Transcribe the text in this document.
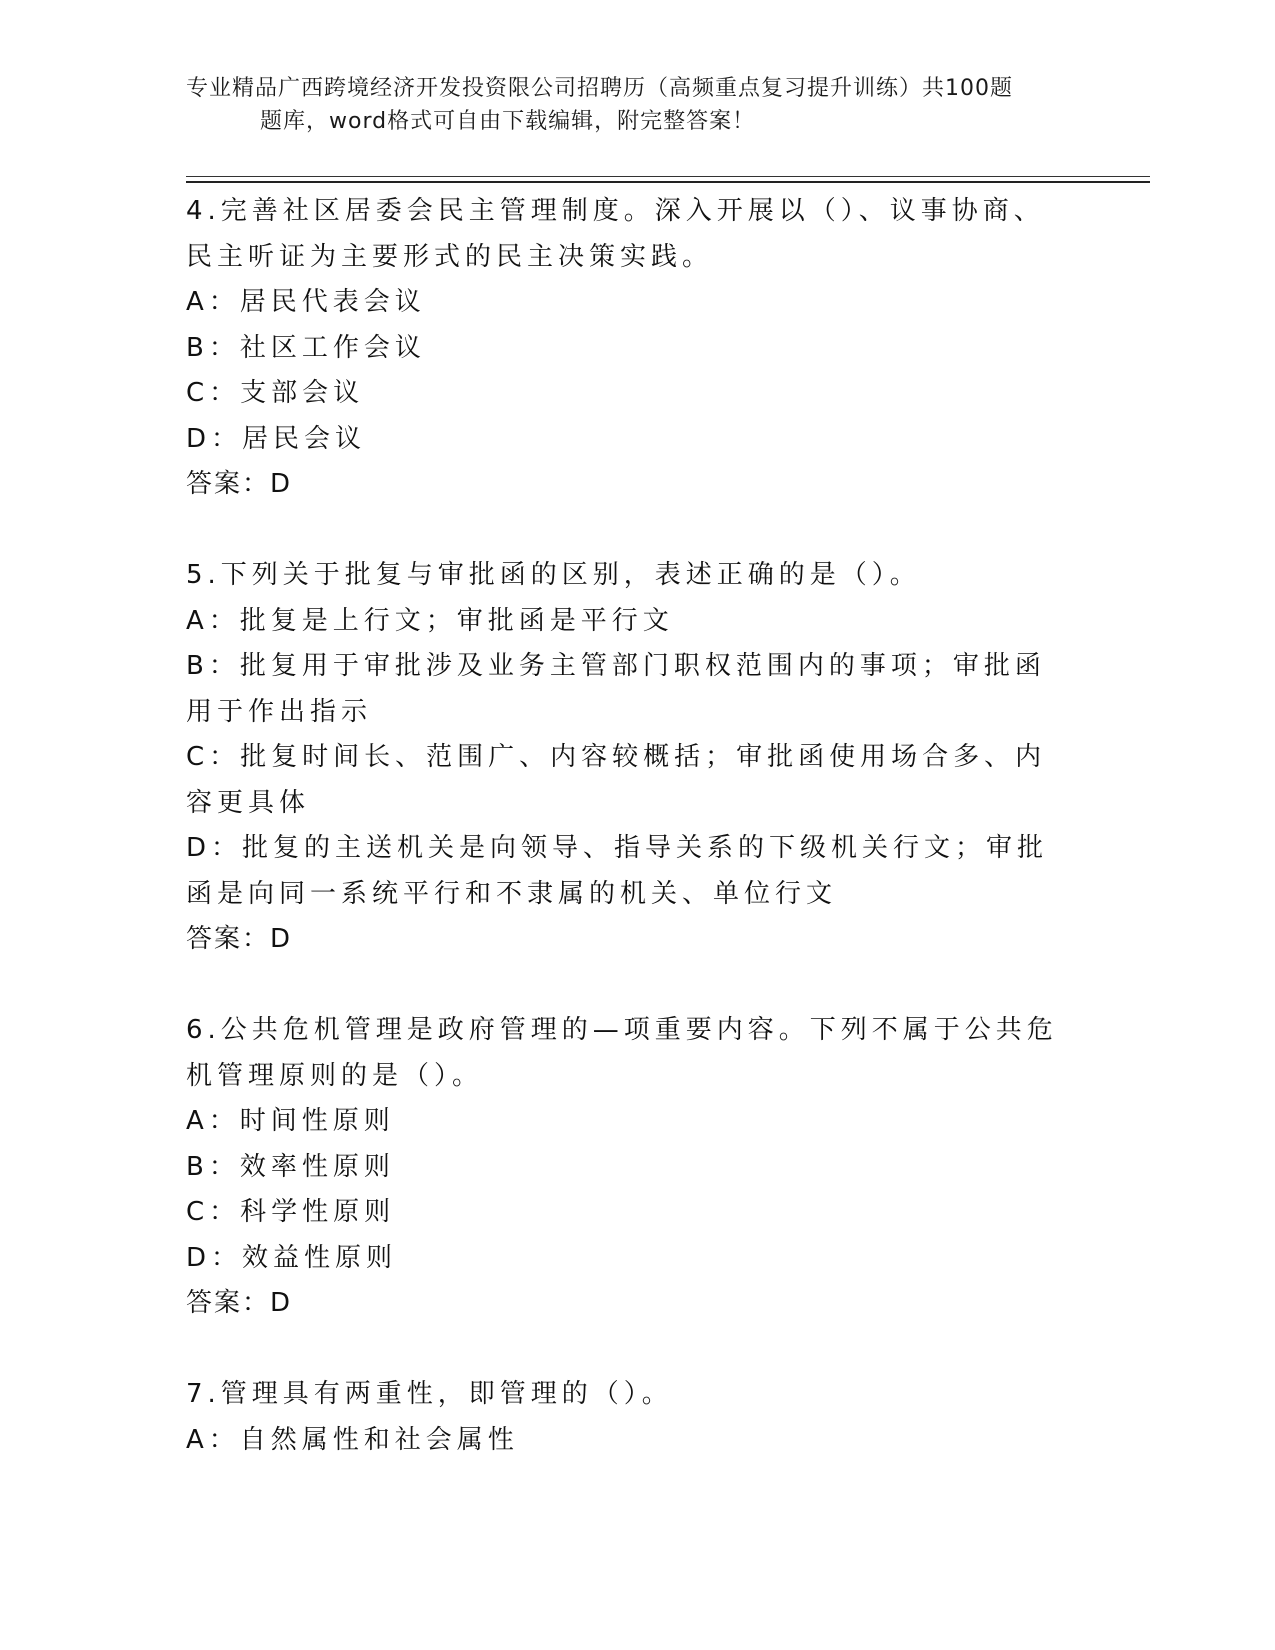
专业精品广西跨境经济开发投资限公司招聘历（高频重点复习提升训练）共100题
题库，word格式可自由下载编辑，附完整答案！

4.完善社区居委会民主管理制度。深入开展以（）、议事协商、民主听证为主要形式的民主决策实践。

A：居民代表会议

B：社区工作会议

C：支部会议

D：居民会议

答案：D

5.下列关于批复与审批函的区别，表述正确的是（）。

A：批复是上行文；审批函是平行文

B：批复用于审批涉及业务主管部门职权范围内的事项；审批函用于作出指示

C：批复时间长、范围广、内容较概括；审批函使用场合多、内容更具体

D：批复的主送机关是向领导、指导关系的下级机关行文；审批函是向同一系统平行和不隶属的机关、单位行文

答案：D

6.公共危机管理是政府管理的—项重要内容。下列不属于公共危机管理原则的是（）。

A：时间性原则

B：效率性原则

C：科学性原则

D：效益性原则

答案：D

7.管理具有两重性，即管理的（）。

A：自然属性和社会属性
